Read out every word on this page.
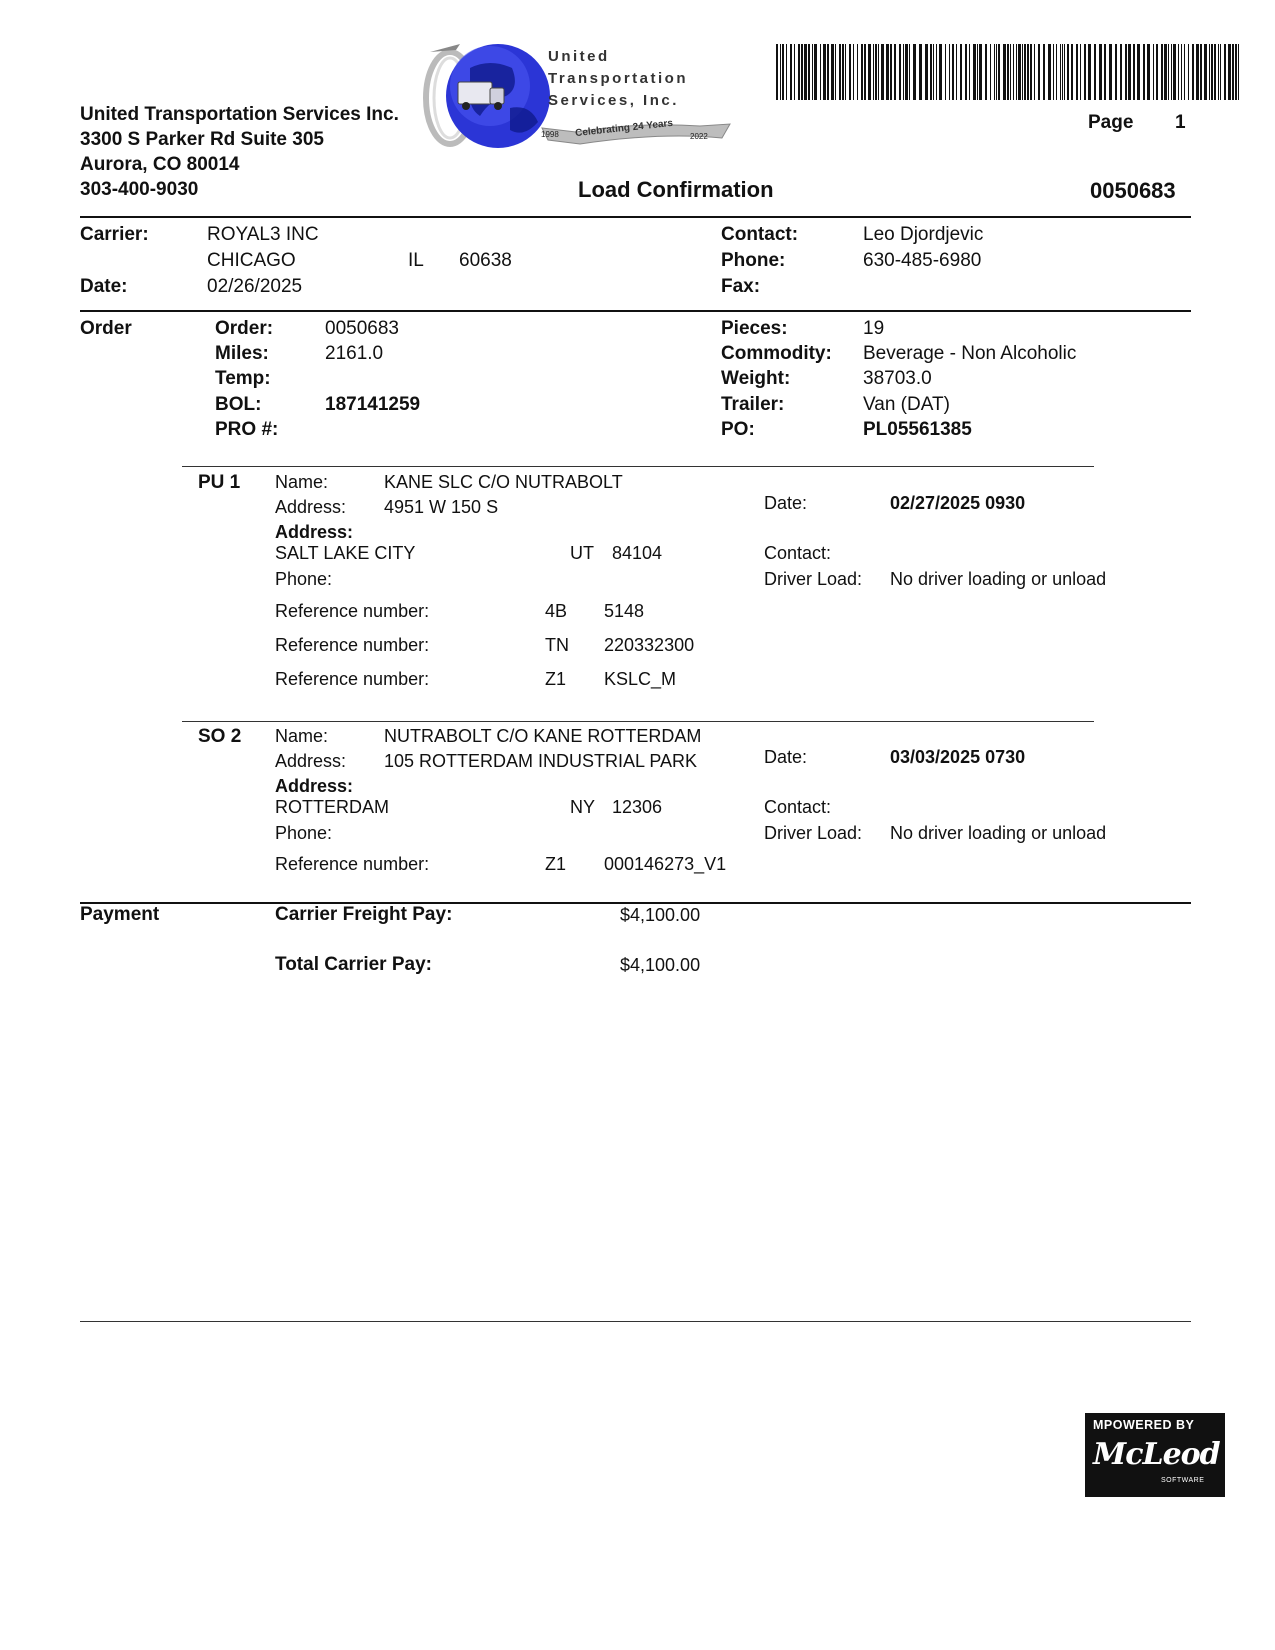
United Transportation Services Inc.
3300 S Parker Rd Suite 305
Aurora, CO 80014
303-400-9030
United
Transportation
Services, Inc.
1998 Celebrating 24 Years 2022
Page 1
Load Confirmation	0050683
Carrier:	ROYAL3 INC
CHICAGO	IL 60638
Date:	02/26/2025
Contact:	Leo Djordjevic
Phone:	630-485-6980
Fax:
Order	Order:	0050683
Miles:	2161.0
Temp:
BOL:	187141259
PRO #:
Pieces:	19
Commodity: Beverage - Non Alcoholic
Weight:	38703.0
Trailer:	Van (DAT)
PO:	PL05561385
PU 1 Name:	KANE SLC C/O NUTRABOLT
Address: 4951 W 150 S
Address:
SALT LAKE CITY	UT 84104
Phone:
Date:	02/27/2025 0930
Contact:
Driver Load: No driver loading or unload
Reference number:	4B 5148
Reference number:	TN 220332300
Reference number:	Z1 KSLC_M
SO 2 Name:	NUTRABOLT C/O KANE ROTTERDAM
Address: 105 ROTTERDAM INDUSTRIAL PARK
Address:
ROTTERDAM	NY 12306
Phone:
Date:	03/03/2025 0730
Contact:
Driver Load: No driver loading or unload
Reference number:	Z1 000146273_V1
Payment	Carrier Freight Pay:	$4,100.00
Total Carrier Pay:	$4,100.00
MPOWERED BY
McLeod
SOFTWARE
